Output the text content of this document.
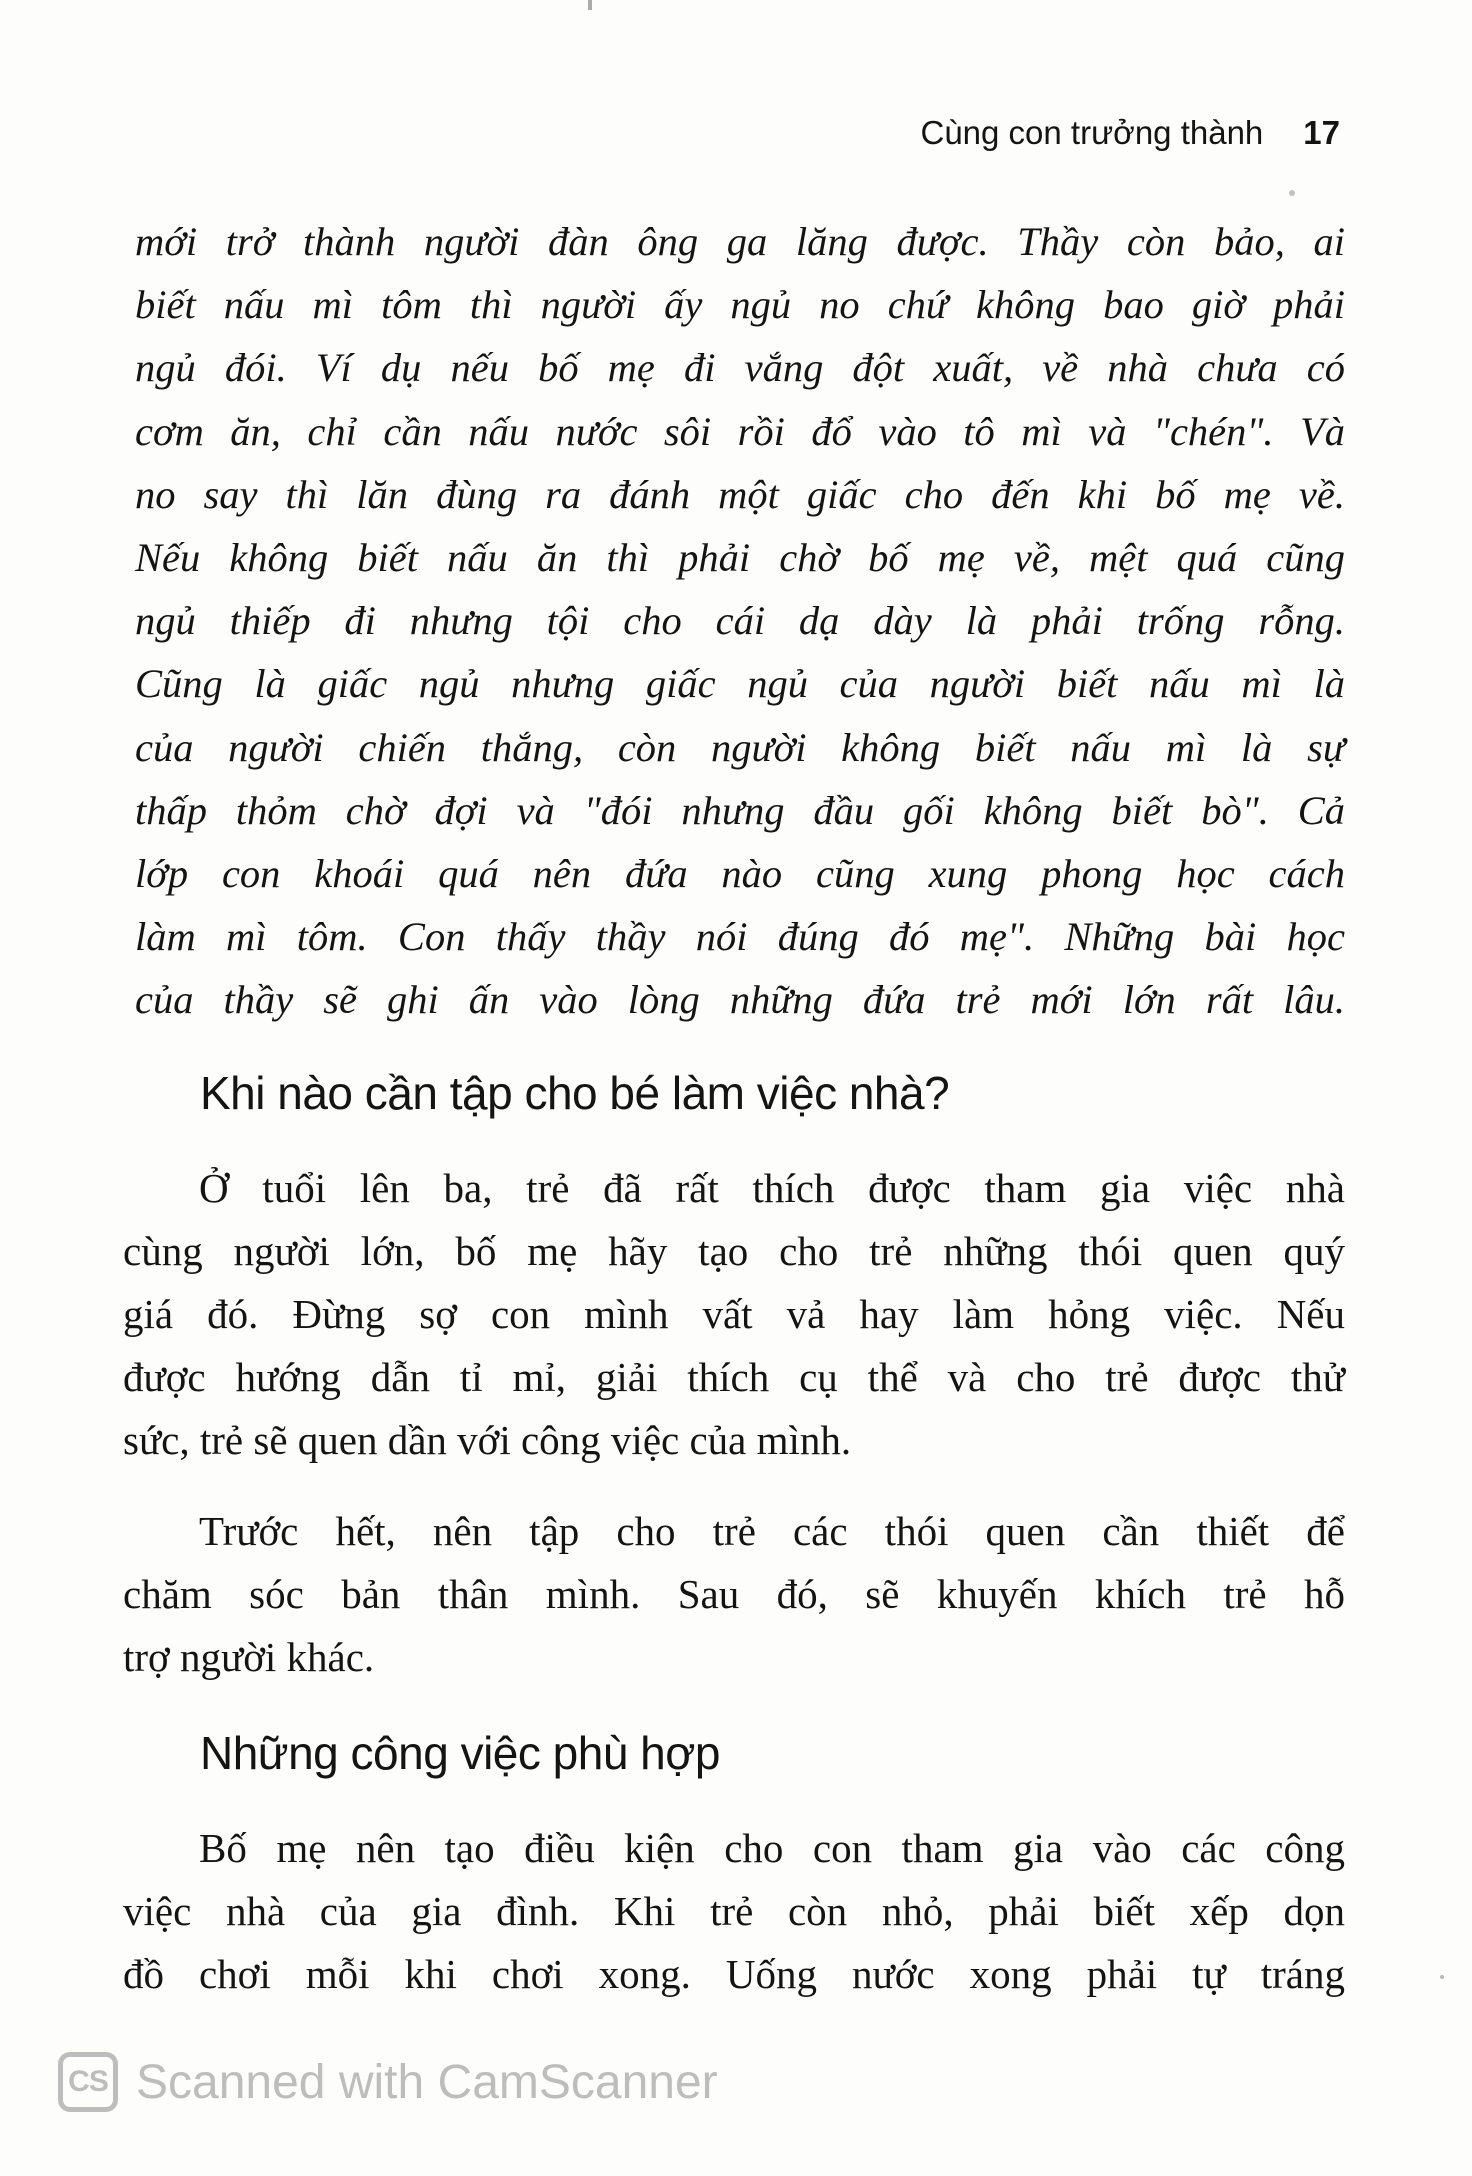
Cùng con trưởng thành 17
mới trở thành người đàn ông ga lăng được. Thầy còn bảo, ai
biết nấu mì tôm thì người ấy ngủ no chứ không bao giờ phải
ngủ đói. Ví dụ nếu bố mẹ đi vắng đột xuất, về nhà chưa có
cơm ăn, chỉ cần nấu nước sôi rồi đổ vào tô mì và "chén". Và
no say thì lăn đùng ra đánh một giấc cho đến khi bố mẹ về.
Nếu không biết nấu ăn thì phải chờ bố mẹ về, mệt quá cũng
ngủ thiếp đi nhưng tội cho cái dạ dày là phải trống rỗng.
Cũng là giấc ngủ nhưng giấc ngủ của người biết nấu mì là
của người chiến thắng, còn người không biết nấu mì là sự
thấp thỏm chờ đợi và "đói nhưng đầu gối không biết bò". Cả
lớp con khoái quá nên đứa nào cũng xung phong học cách
làm mì tôm. Con thấy thầy nói đúng đó mẹ". Những bài học
của thầy sẽ ghi ấn vào lòng những đứa trẻ mới lớn rất lâu.
Khi nào cần tập cho bé làm việc nhà?
Ở tuổi lên ba, trẻ đã rất thích được tham gia việc nhà
cùng người lớn, bố mẹ hãy tạo cho trẻ những thói quen quý
giá đó. Đừng sợ con mình vất vả hay làm hỏng việc. Nếu
được hướng dẫn tỉ mỉ, giải thích cụ thể và cho trẻ được thử
sức, trẻ sẽ quen dần với công việc của mình.
Trước hết, nên tập cho trẻ các thói quen cần thiết để
chăm sóc bản thân mình. Sau đó, sẽ khuyến khích trẻ hỗ
trợ người khác.
Những công việc phù hợp
Bố mẹ nên tạo điều kiện cho con tham gia vào các công
việc nhà của gia đình. Khi trẻ còn nhỏ, phải biết xếp dọn
đồ chơi mỗi khi chơi xong. Uống nước xong phải tự tráng
CS Scanned with CamScanner
